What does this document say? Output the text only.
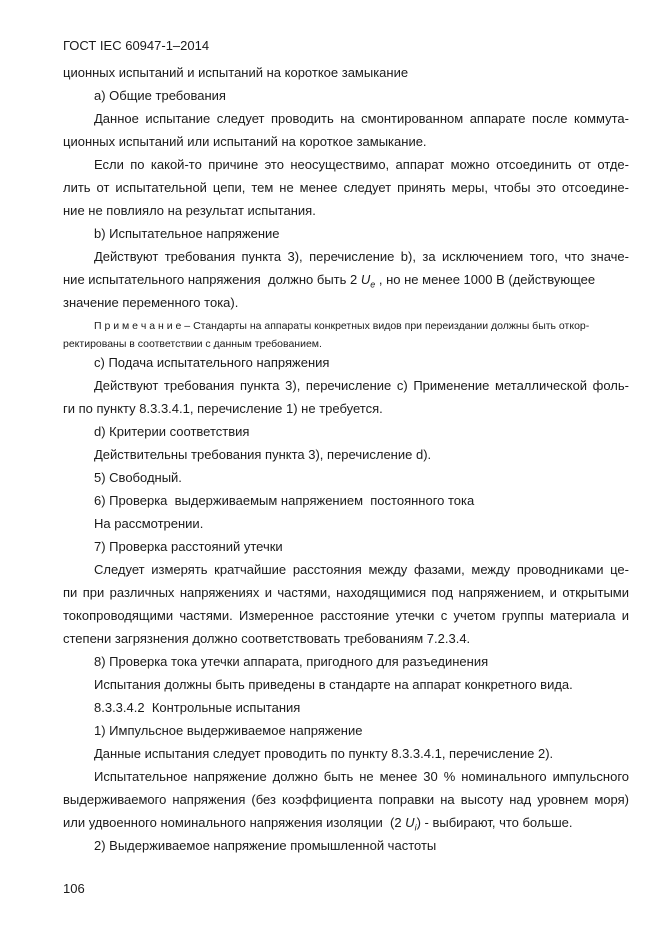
ГОСТ IEC 60947-1–2014
ционных испытаний и испытаний на короткое замыкание
а) Общие требования
Данное испытание следует проводить на смонтированном аппарате после коммута-
ционных испытаний или испытаний на короткое замыкание.
Если по какой-то причине это неосуществимо, аппарат можно отсоединить от отде-
лить от испытательной цепи, тем не менее следует принять меры, чтобы это отсоедине-
ние не повлияло на результат испытания.
b) Испытательное напряжение
Действуют требования пункта 3), перечисление b), за исключением того, что значе-
ние испытательного напряжения  должно быть 2 $U_e$ , но не менее 1000 В (действующее
значение переменного тока).
П р и м е ч а н и е – Стандарты на аппараты конкретных видов при переиздании должны быть откор-
ректированы в соответствии с данным требованием.
с) Подача испытательного напряжения
Действуют требования пункта 3), перечисление с) Применение металлической фоль-
ги по пункту 8.3.3.4.1, перечисление 1) не требуется.
d) Критерии соответствия
Действительны требования пункта 3), перечисление d).
5) Свободный.
6) Проверка  выдерживаемым напряжением  постоянного тока
На рассмотрении.
7) Проверка расстояний утечки
Следует измерять кратчайшие расстояния между фазами, между проводниками це-
пи при различных напряжениях и частями, находящимися под напряжением, и открытыми
токопроводящими частями. Измеренное расстояние утечки с учетом группы материала и
степени загрязнения должно соответствовать требованиям 7.2.3.4.
8) Проверка тока утечки аппарата, пригодного для разъединения
Испытания должны быть приведены в стандарте на аппарат конкретного вида.
8.3.3.4.2  Контрольные испытания
1) Импульсное выдерживаемое напряжение
Данные испытания следует проводить по пункту 8.3.3.4.1, перечисление 2).
Испытательное напряжение должно быть не менее 30 % номинального импульсного
выдерживаемого напряжения (без коэффициента поправки на высоту над уровнем моря)
или удвоенного номинального напряжения изоляции  (2 $U_i$) - выбирают, что больше.
2) Выдерживаемое напряжение промышленной частоты
106
